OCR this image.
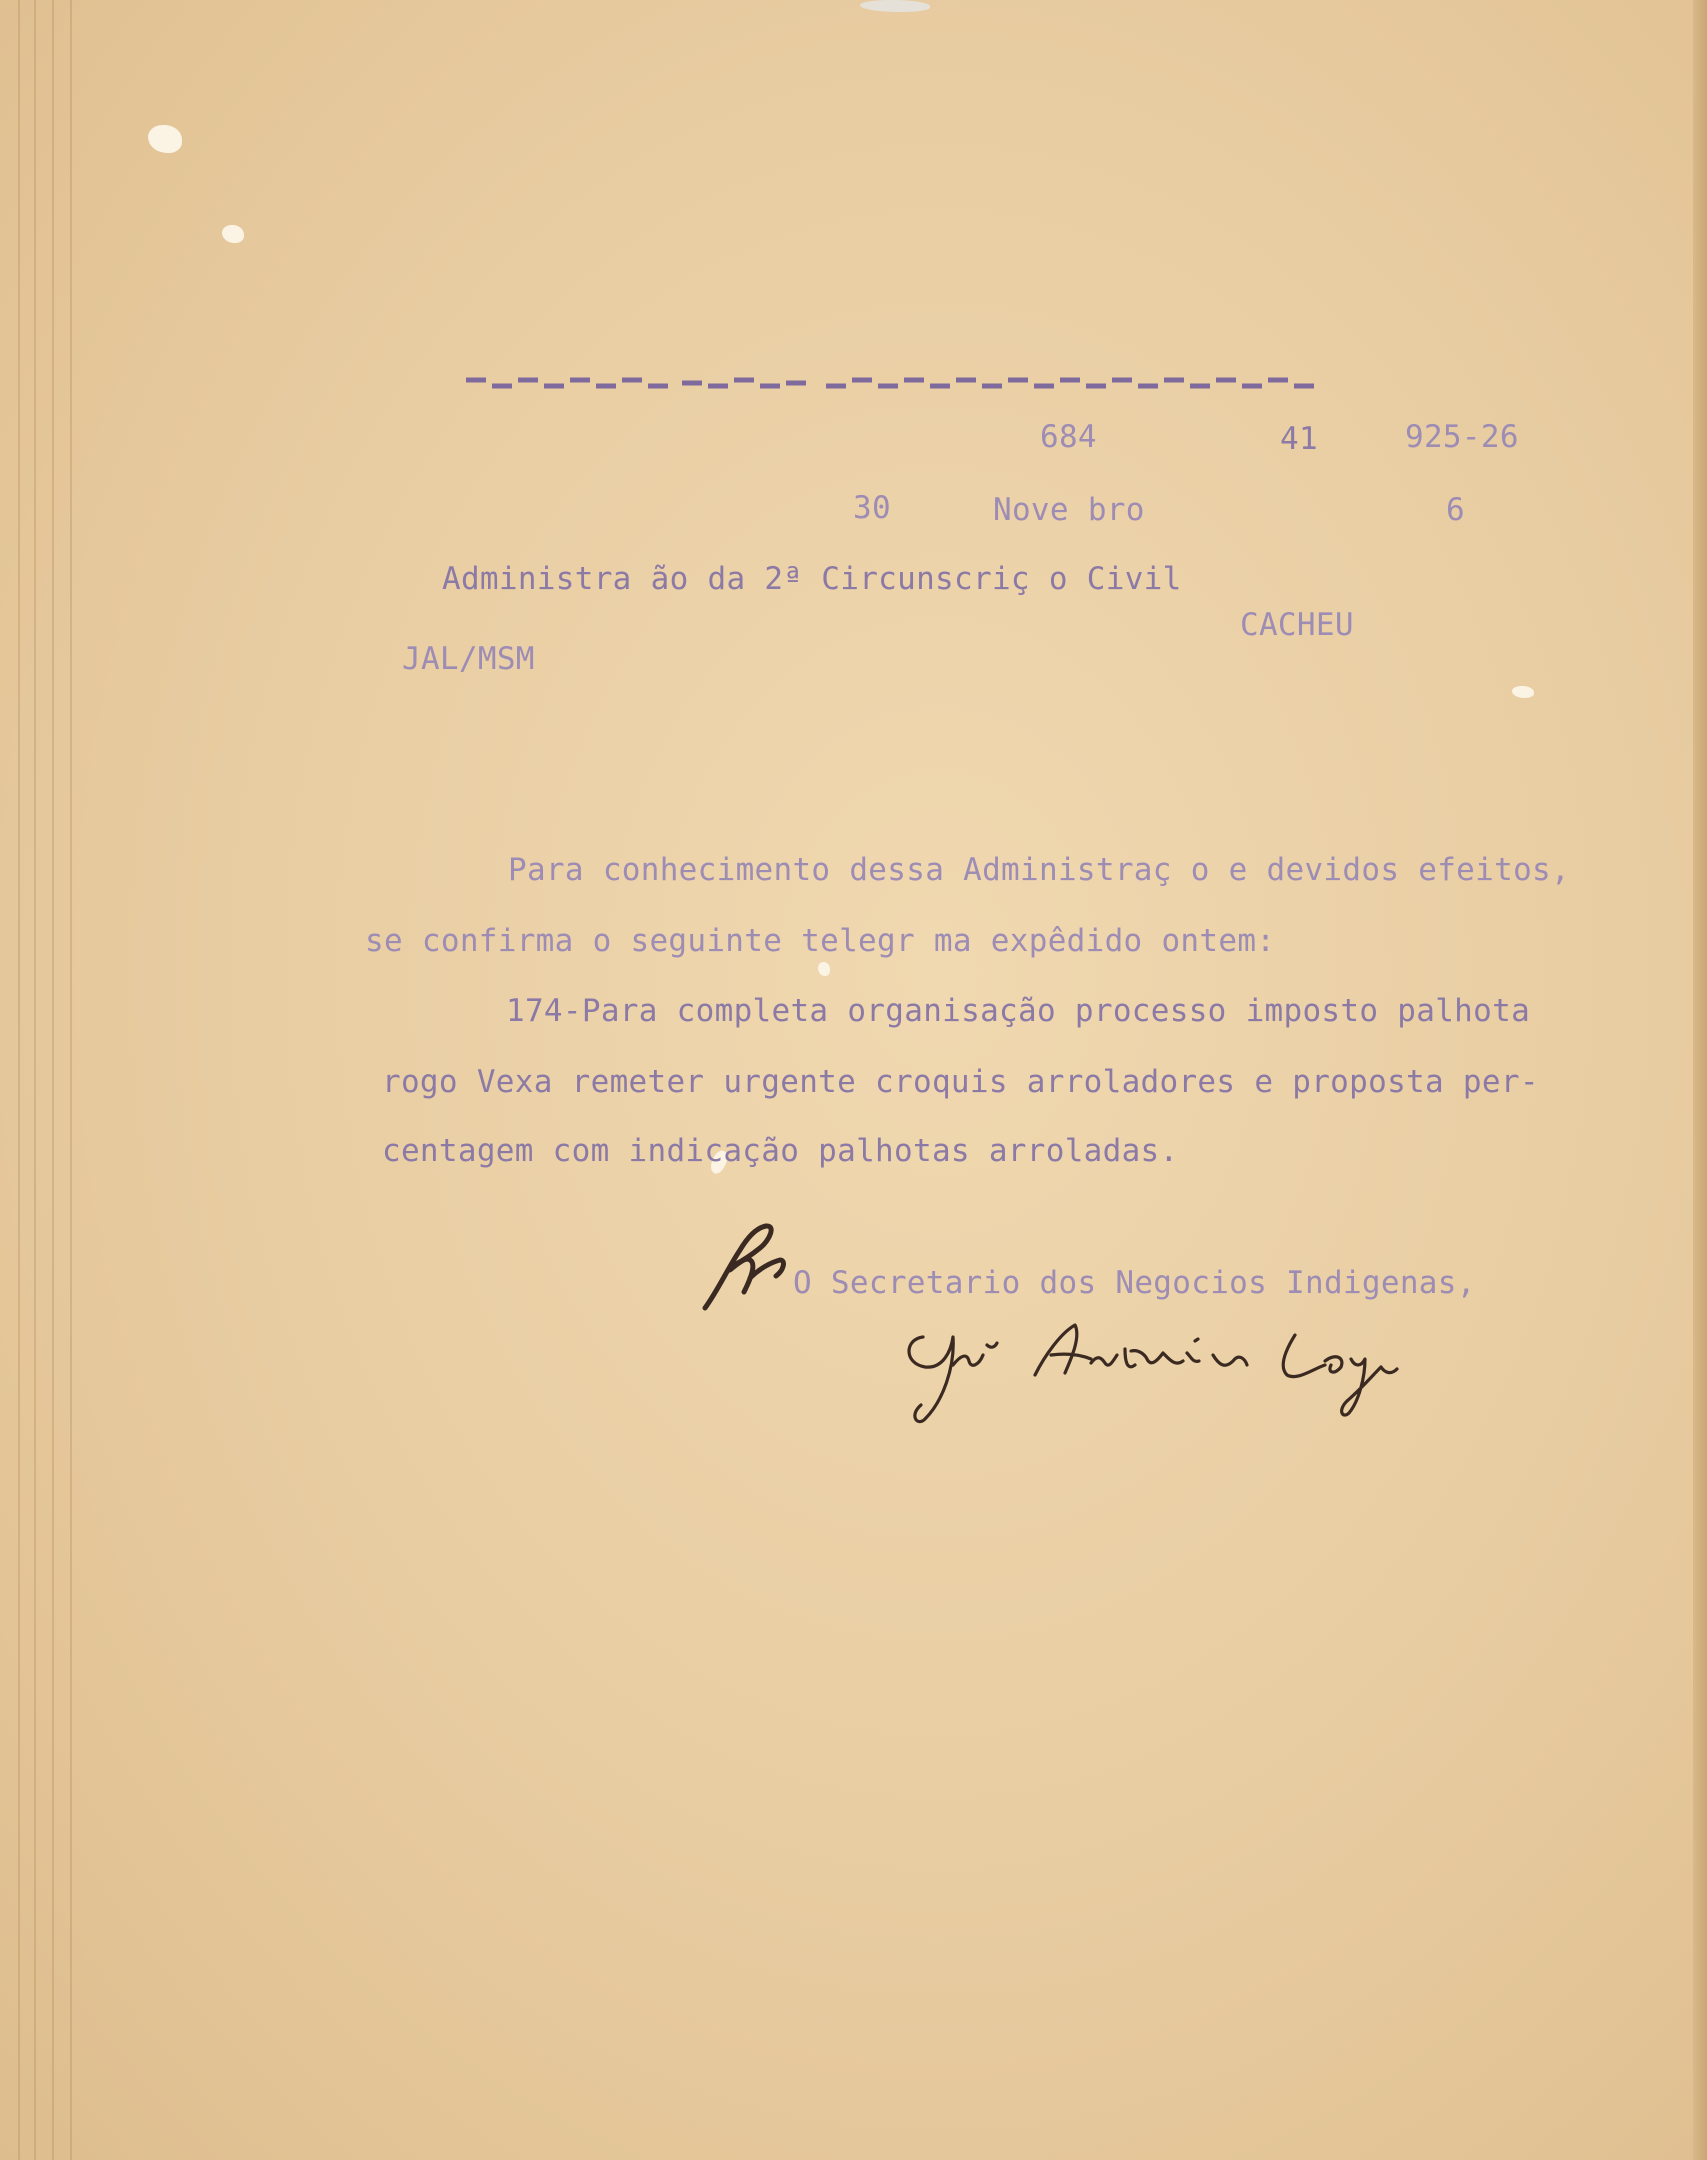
684	41	925-26
30	Nove bro	6
Administra ão da 2ª Circunscriç o Civil
CACHEU
JAL/MSM
Para conhecimento dessa Administraç o e devidos efeitos,
se confirma o seguinte telegr ma expêdido ontem:
174-Para completa organisação processo imposto palhota
rogo Vexa remeter urgente croquis arroladores e proposta per-
centagem com indicação palhotas arroladas.
O Secretario dos Negocios Indigenas,
